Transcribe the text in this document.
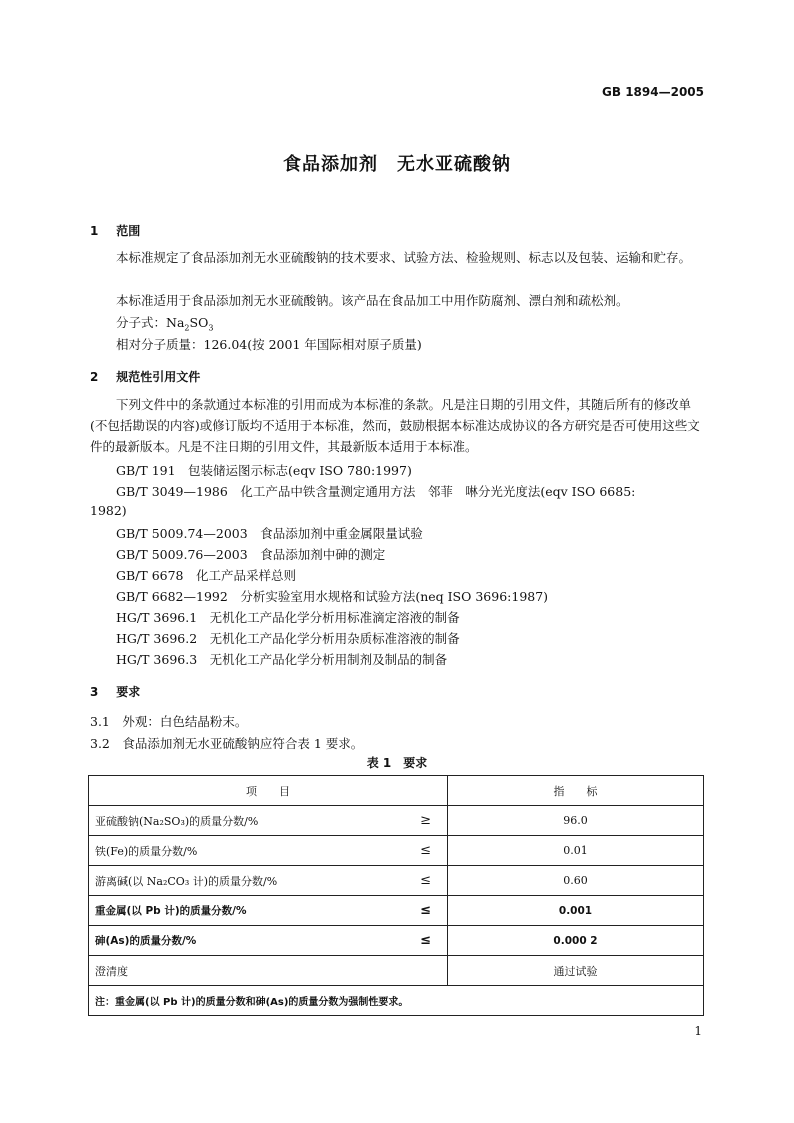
GB 1894—2005
食品添加剂　无水亚硫酸钠
1 范围
本标准规定了食品添加剂无水亚硫酸钠的技术要求、试验方法、检验规则、标志以及包装、运输和贮存。
本标准适用于食品添加剂无水亚硫酸钠。该产品在食品加工中用作防腐剂、漂白剂和疏松剂。
分子式：$Na_2SO_3$
相对分子质量：126.04(按 2001 年国际相对原子质量)
2 规范性引用文件
下列文件中的条款通过本标准的引用而成为本标准的条款。凡是注日期的引用文件，其随后所有的修改单(不包括勘误的内容)或修订版均不适用于本标准，然而，鼓励根据本标准达成协议的各方研究是否可使用这些文件的最新版本。凡是不注日期的引用文件，其最新版本适用于本标准。
GB/T 191　包装储运图示标志(eqv ISO 780:1997)
GB/T 3049—1986　化工产品中铁含量测定通用方法　邻菲　啉分光光度法(eqv ISO 6685:
1982)
GB/T 5009.74—2003　食品添加剂中重金属限量试验
GB/T 5009.76—2003　食品添加剂中砷的测定
GB/T 6678　化工产品采样总则
GB/T 6682—1992　分析实验室用水规格和试验方法(neq ISO 3696:1987)
HG/T 3696.1　无机化工产品化学分析用标准滴定溶液的制备
HG/T 3696.2　无机化工产品化学分析用杂质标准溶液的制备
HG/T 3696.3　无机化工产品化学分析用制剂及制品的制备
3 要求
3.1　外观：白色结晶粉末。
3.2　食品添加剂无水亚硫酸钠应符合表 1 要求。
表 1　要求
项　　目	指　　标

亚硫酸钠(Na₂SO₃)的质量分数/% ≥	96.0

铁(Fe)的质量分数/% ≤	0.01

游离碱(以 Na₂CO₃ 计)的质量分数/% ≤	0.60

重金属(以 Pb 计)的质量分数/% ≤	0.001

砷(As)的质量分数/% ≤	0.000 2

澄清度	通过试验
注：重金属(以 Pb 计)的质量分数和砷(As)的质量分数为强制性要求。	
1
